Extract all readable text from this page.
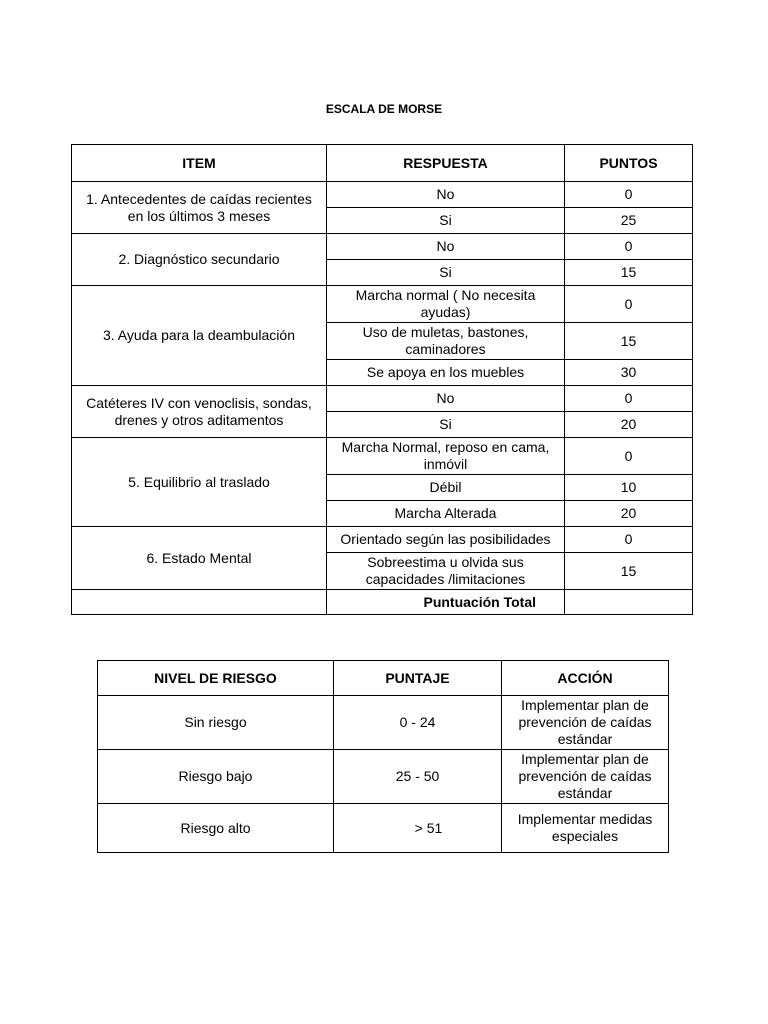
ESCALA DE MORSE
ITEM	RESPUESTA	PUNTOS
1. Antecedentes de caídas recientes en los últimos 3 meses	No	0
	Si	25
2. Diagnóstico secundario	No	0
	Si	15
3. Ayuda para la deambulación	Marcha normal ( No necesita ayudas)	0
	Uso de muletas, bastones, caminadores	15
	Se apoya en los muebles	30
Catéteres IV con venoclisis, sondas, drenes y otros aditamentos	No	0
	Si	20
5. Equilibrio al traslado	Marcha Normal, reposo en cama, inmóvil	0
	Débil	10
	Marcha Alterada	20
6. Estado Mental	Orientado según las posibilidades	0
	Sobreestima u olvida sus capacidades /limitaciones	15
	Puntuación Total	
NIVEL DE RIESGO	PUNTAJE	ACCIÓN
Sin riesgo	0 - 24	Implementar plan de prevención de caídas estándar
Riesgo bajo	25 - 50	Implementar plan de prevención de caídas estándar
Riesgo alto	> 51	Implementar medidas especiales
